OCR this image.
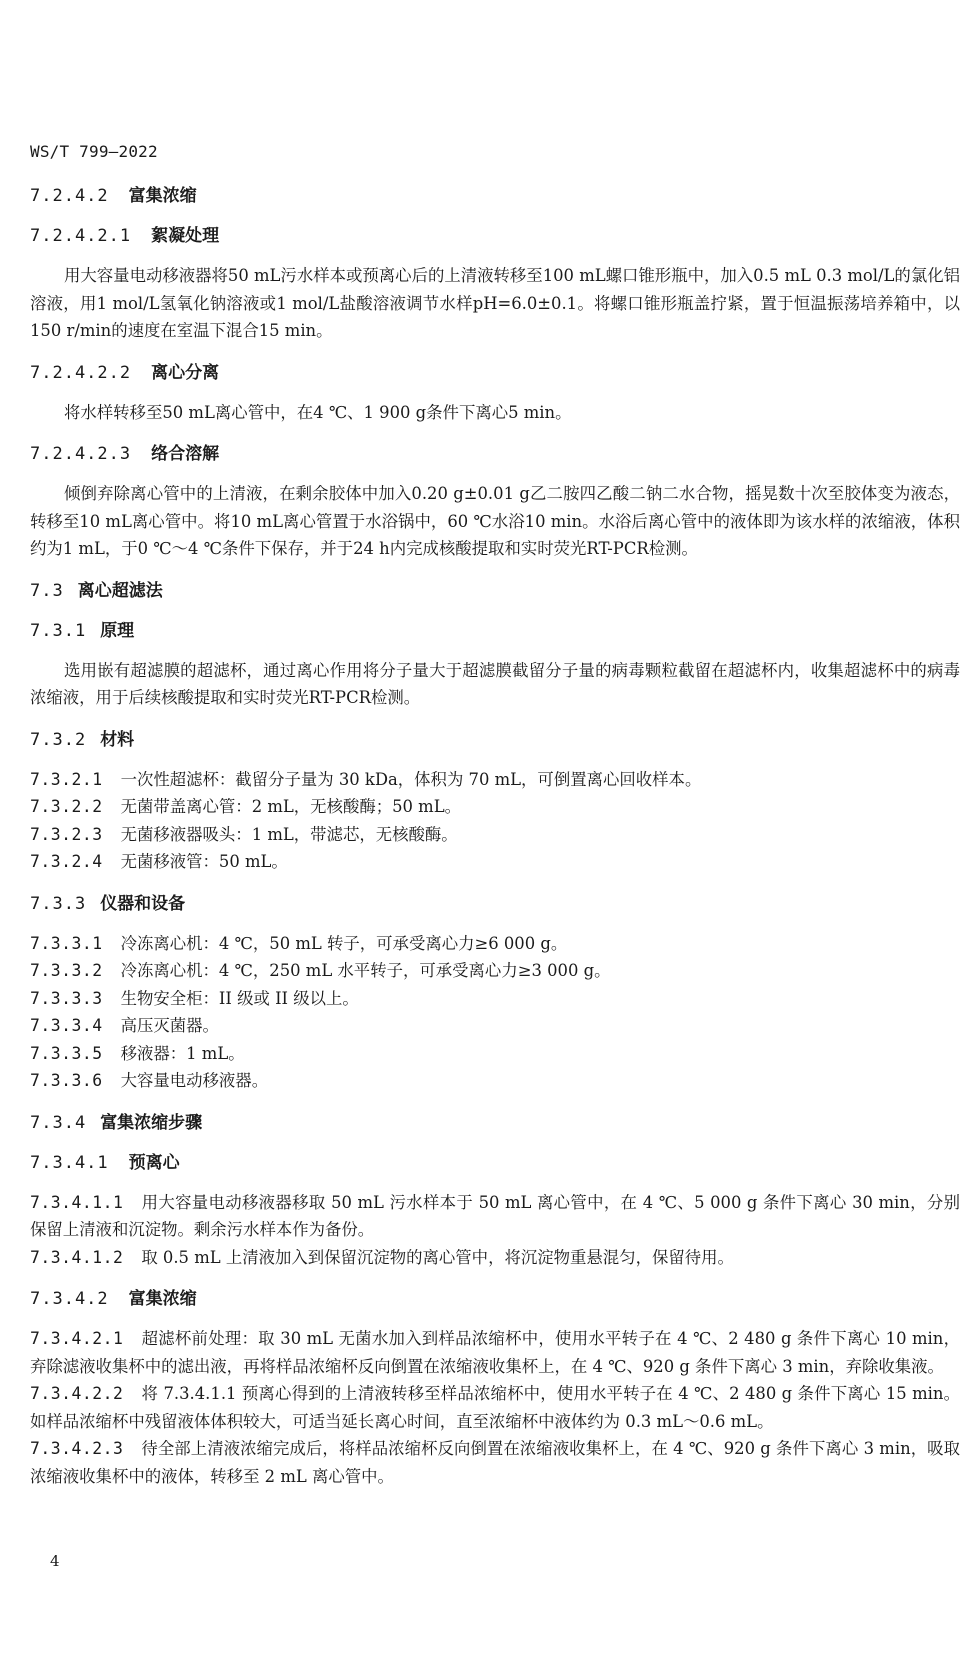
WS/T 799—2022
7.2.4.2 富集浓缩
7.2.4.2.1 絮凝处理
用大容量电动移液器将50 mL污水样本或预离心后的上清液转移至100 mL螺口锥形瓶中，加入0.5 mL 0.3 mol/L的氯化铝溶液，用1 mol/L氢氧化钠溶液或1 mol/L盐酸溶液调节水样pH=6.0±0.1。将螺口锥形瓶盖拧紧，置于恒温振荡培养箱中，以150 r/min的速度在室温下混合15 min。
7.2.4.2.2 离心分离
将水样转移至50 mL离心管中，在4 ℃、1 900 g条件下离心5 min。
7.2.4.2.3 络合溶解
倾倒弃除离心管中的上清液，在剩余胶体中加入0.20 g±0.01 g乙二胺四乙酸二钠二水合物，摇晃数十次至胶体变为液态，转移至10 mL离心管中。将10 mL离心管置于水浴锅中，60 ℃水浴10 min。水浴后离心管中的液体即为该水样的浓缩液，体积约为1 mL，于0 ℃～4 ℃条件下保存，并于24 h内完成核酸提取和实时荧光RT-PCR检测。
7.3 离心超滤法
7.3.1 原理
选用嵌有超滤膜的超滤杯，通过离心作用将分子量大于超滤膜截留分子量的病毒颗粒截留在超滤杯内，收集超滤杯中的病毒浓缩液，用于后续核酸提取和实时荧光RT-PCR检测。
7.3.2 材料
7.3.2.1 一次性超滤杯：截留分子量为 30 kDa，体积为 70 mL，可倒置离心回收样本。
7.3.2.2 无菌带盖离心管：2 mL，无核酸酶；50 mL。
7.3.2.3 无菌移液器吸头：1 mL，带滤芯，无核酸酶。
7.3.2.4 无菌移液管：50 mL。
7.3.3 仪器和设备
7.3.3.1 冷冻离心机：4 ℃，50 mL 转子，可承受离心力≥6 000 g。
7.3.3.2 冷冻离心机：4 ℃，250 mL 水平转子，可承受离心力≥3 000 g。
7.3.3.3 生物安全柜：II 级或 II 级以上。
7.3.3.4 高压灭菌器。
7.3.3.5 移液器：1 mL。
7.3.3.6 大容量电动移液器。
7.3.4 富集浓缩步骤
7.3.4.1 预离心
7.3.4.1.1 用大容量电动移液器移取 50 mL 污水样本于 50 mL 离心管中，在 4 ℃、5 000 g 条件下离心 30 min，分别保留上清液和沉淀物。剩余污水样本作为备份。
7.3.4.1.2 取 0.5 mL 上清液加入到保留沉淀物的离心管中，将沉淀物重悬混匀，保留待用。
7.3.4.2 富集浓缩
7.3.4.2.1 超滤杯前处理：取 30 mL 无菌水加入到样品浓缩杯中，使用水平转子在 4 ℃、2 480 g 条件下离心 10 min，弃除滤液收集杯中的滤出液，再将样品浓缩杯反向倒置在浓缩液收集杯上，在 4 ℃、920 g 条件下离心 3 min，弃除收集液。
7.3.4.2.2 将 7.3.4.1.1 预离心得到的上清液转移至样品浓缩杯中，使用水平转子在 4 ℃、2 480 g 条件下离心 15 min。如样品浓缩杯中残留液体体积较大，可适当延长离心时间，直至浓缩杯中液体约为 0.3 mL～0.6 mL。
7.3.4.2.3 待全部上清液浓缩完成后，将样品浓缩杯反向倒置在浓缩液收集杯上，在 4 ℃、920 g 条件下离心 3 min，吸取浓缩液收集杯中的液体，转移至 2 mL 离心管中。
4
